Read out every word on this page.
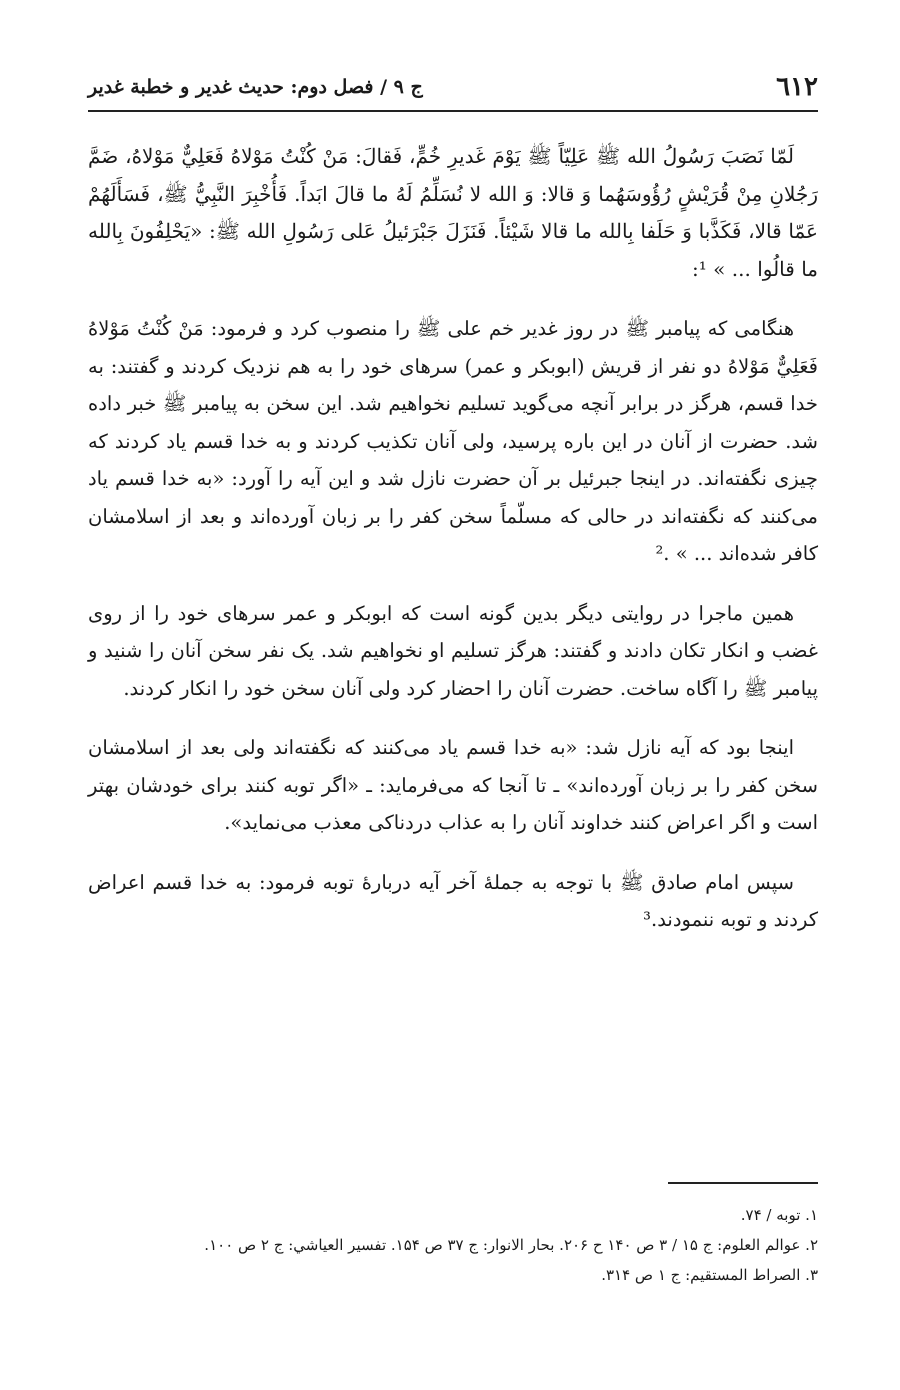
٦١٢
ج ٩ / فصل دوم: حديث غدير و خطبة غدير

لَمّا نَصَبَ رَسُولُ الله ﷺ عَلِيّاً ﷺ يَوْمَ غَديرِ خُمٍّ، فَقالَ: مَنْ كُنْتُ مَوْلاهُ فَعَلِيٌّ مَوْلاهُ، ضَمَّ رَجُلانِ مِنْ قُرَيْشٍ رُؤُوسَهُما وَ قالا: وَ الله لا نُسَلِّمُ لَهُ ما قالَ ابَداً. فَأُخْبِرَ النَّبِيُّ ﷺ، فَسَأَلَهُمْ عَمّا قالا، فَكَذَّبا وَ حَلَفا بِالله ما قالا شَيْئاً. فَنَزَلَ جَبْرَئيلُ عَلى رَسُولِ الله ﷺ: «يَحْلِفُونَ بِالله ما قالُوا ... » ¹:

هنگامی که پیامبر ﷺ در روز غدیر خم علی ﷺ را منصوب کرد و فرمود: مَنْ كُنْتُ مَوْلاهُ فَعَلِيٌّ مَوْلاهُ دو نفر از قریش (ابوبکر و عمر) سرهای خود را به هم نزدیک کردند و گفتند: به خدا قسم، هرگز در برابر آنچه می‌گوید تسلیم نخواهیم شد. این سخن به پیامبر ﷺ خبر داده شد. حضرت از آنان در این باره پرسید، ولی آنان تکذیب کردند و به خدا قسم یاد کردند که چیزی نگفته‌اند. در اینجا جبرئیل بر آن حضرت نازل شد و این آیه را آورد: «به خدا قسم یاد می‌کنند که نگفته‌اند در حالی که مسلّماً سخن کفر را بر زبان آورده‌اند و بعد از اسلامشان کافر شده‌اند ... » .²

همین ماجرا در روایتی دیگر بدین گونه است که ابوبکر و عمر سرهای خود را از روی غضب و انکار تکان دادند و گفتند: هرگز تسلیم او نخواهیم شد. یک نفر سخن آنان را شنید و پیامبر ﷺ را آگاه ساخت. حضرت آنان را احضار کرد ولی آنان سخن خود را انکار کردند.

اینجا بود که آیه نازل شد: «به خدا قسم یاد می‌کنند که نگفته‌اند ولی بعد از اسلامشان سخن کفر را بر زبان آورده‌اند» ـ تا آنجا که می‌فرماید: ـ «اگر توبه کنند برای خودشان بهتر است و اگر اعراض کنند خداوند آنان را به عذاب دردناکی معذب می‌نماید».

سپس امام صادق ﷺ با توجه به جملهٔ آخر آیه دربارهٔ توبه فرمود: به خدا قسم اعراض کردند و توبه ننمودند.³

١. توبه / ٧۴.
٢. عوالم العلوم: ج ١۵ / ٣ ص ١۴٠ ح ٢٠۶. بحار الانوار: ج ٣٧ ص ١۵۴. تفسير العياشي: ج ٢ ص ١٠٠.
٣. الصراط المستقيم: ج ١ ص ٣١۴.
